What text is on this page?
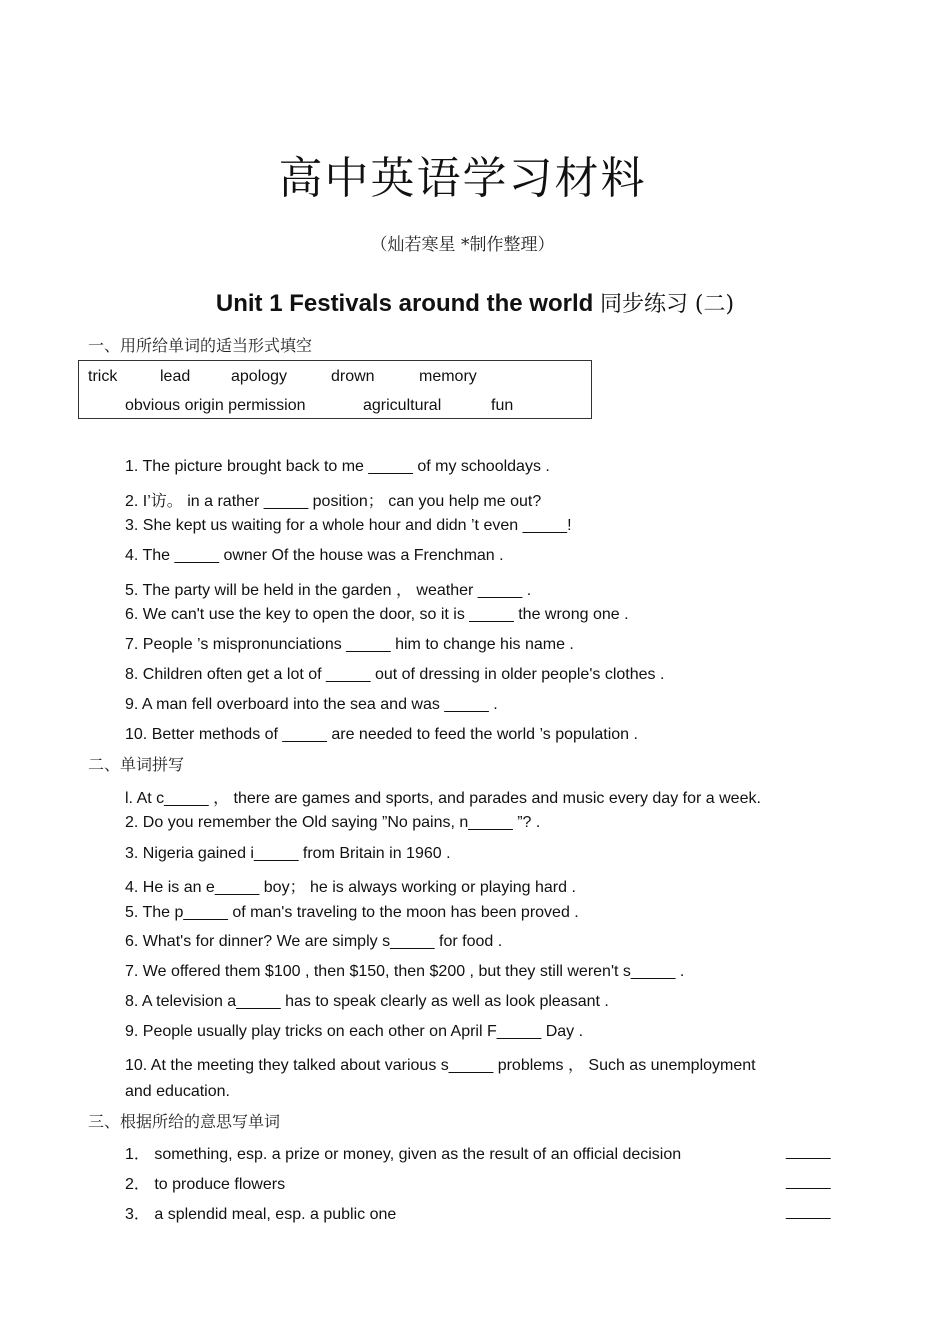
高中英语学习材料
（灿若寒星 *制作整理）
Unit 1 Festivals around the world 同步练习 (二)
一、用所给单词的适当形式填空
trick	lead	apology	drown	memory
obvious origin permission	agricultural	fun
1. The picture brought back to me _____ of my schooldays .
2. I’访。 in a rather _____ position； can you help me out?
3. She kept us waiting for a whole hour and didn ’t even _____!
4. The _____ owner Of the house was a Frenchman .
5. The party will be held in the garden ， weather _____ .
6. We can't use the key to open the door, so it is _____ the wrong one .
7. People ’s mispronunciations _____ him to change his name .
8. Children often get a lot of _____ out of dressing in older people's clothes .
9. A man fell overboard into the sea and was _____ .
10. Better methods of _____ are needed to feed the world ’s population .
二、单词拼写
l. At c_____ ， there are games and sports, and parades and music every day for a week.
2. Do you remember the Old saying ”No pains, n_____ ”? .
3. Nigeria gained i_____ from Britain in 1960 .
4. He is an e_____ boy； he is always working or playing hard .
5. The p_____ of man's traveling to the moon has been proved .
6. What's for dinner? We are simply s_____ for food .
7. We offered them $100 , then $150, then $200 , but they still weren't s_____ .
8. A television a_____ has to speak clearly as well as look pleasant .
9. People usually play tricks on each other on April F_____ Day .
10. At the meeting they talked about various s_____ problems ， Such as unemployment
and education.
三、根据所给的意思写单词
1． something, esp. a prize or money, given as the result of an official decision	_____
2． to produce flowers	_____
3． a splendid meal, esp. a public one	_____
